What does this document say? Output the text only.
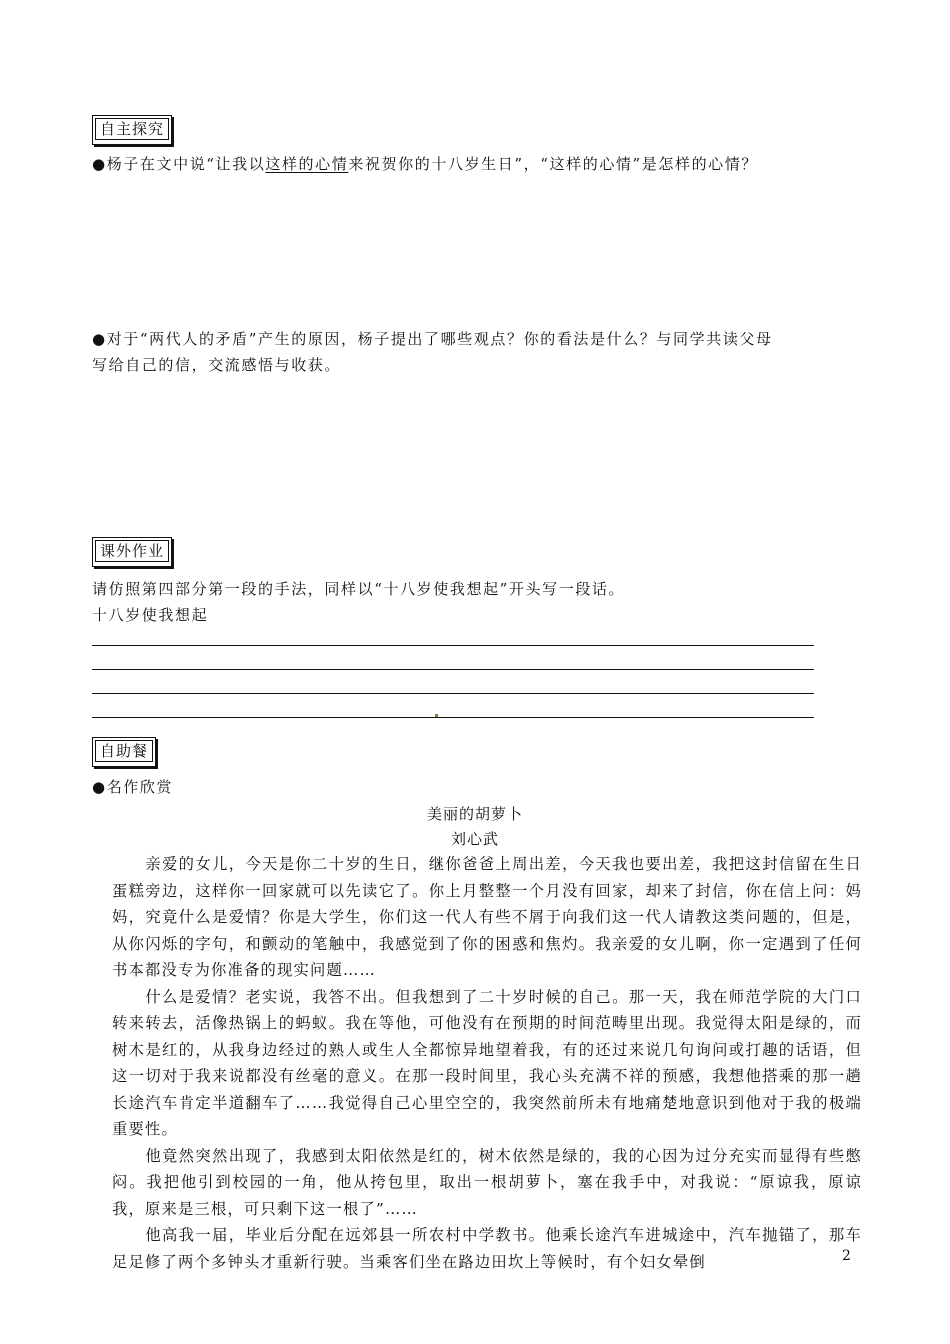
自主探究
●杨子在文中说“让我以这样的心情来祝贺你的十八岁生日”，“这样的心情”是怎样的心情？
●对于“两代人的矛盾”产生的原因，杨子提出了哪些观点？你的看法是什么？与同学共读父母
写给自己的信，交流感悟与收获。
课外作业
请仿照第四部分第一段的手法，同样以“十八岁使我想起”开头写一段话。
十八岁使我想起
自助餐
●名作欣赏
美丽的胡萝卜
刘心武

　　亲爱的女儿，今天是你二十岁的生日，继你爸爸上周出差，今天我也要出差，我把这封信留在生日蛋糕旁边，这样你一回家就可以先读它了。你上月整整一个月没有回家，却来了封信，你在信上问：妈妈，究竟什么是爱情？你是大学生，你们这一代人有些不屑于向我们这一代人请教这类问题的，但是，从你闪烁的字句，和颤动的笔触中，我感觉到了你的困惑和焦灼。我亲爱的女儿啊，你一定遇到了任何书本都没专为你准备的现实问题……

　　什么是爱情？老实说，我答不出。但我想到了二十岁时候的自己。那一天，我在师范学院的大门口转来转去，活像热锅上的蚂蚁。我在等他，可他没有在预期的时间范畴里出现。我觉得太阳是绿的，而树木是红的，从我身边经过的熟人或生人全都惊异地望着我，有的还过来说几句询问或打趣的话语，但这一切对于我来说都没有丝毫的意义。在那一段时间里，我心头充满不祥的预感，我想他搭乘的那一趟长途汽车肯定半道翻车了……我觉得自己心里空空的，我突然前所未有地痛楚地意识到他对于我的极端重要性。

　　他竟然突然出现了，我感到太阳依然是红的，树木依然是绿的，我的心因为过分充实而显得有些憋闷。我把他引到校园的一角，他从挎包里，取出一根胡萝卜，塞在我手中，对我说：“原谅我，原谅我，原来是三根，可只剩下这一根了”……

　　他高我一届，毕业后分配在远郊县一所农村中学教书。他乘长途汽车进城途中，汽车抛锚了，那车足足修了两个多钟头才重新行驶。当乘客们坐在路边田坎上等候时，有个妇女晕倒	2
